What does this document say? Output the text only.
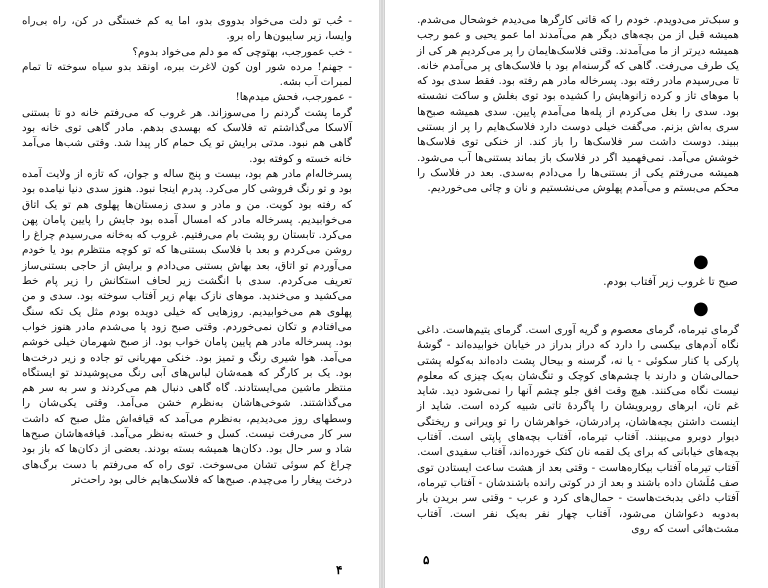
- حُب تو دلت می‌خواد بدووی بدو، اما یه کم خستگی در کن، راه بی‌راه وایسا، زیر سایبون‌ها راه برو.

- خب عمورجب، بهتوچی که مو دلم می‌خواد بدوم؟

- جهنم‌! مرده شور اون کون لاغرت ببره، اونقد بدو سیاه سوخته تا تمام لمبرات آب بشه.

- عمورجب، فحش میدم‌ها!

گرما پشت گردنم را می‌سوزاند. هر غروب که می‌رفتم خانه دو تا بستنی آلاسکا می‌گذاشتم ته فلاسک که بهسدی بدهم. مادر گاهی توی خانه بود گاهی هم نبود. مدتی برایش تو یک حمام کار پیدا شد. وقتی شب‌ها می‌آمد خانه خسته و کوفته بود.

پسرخاله‌ام مادر هم بود، بیست و پنج ساله و جوان، که تازه از ولایت آمده بود و تو رنگ فروشی کار می‌کرد. پدرم اینجا نبود. هنوز سدی دنیا نیامده بود که رفته بود کویت. من و مادر و سدی زمستان‌ها پهلوی هم تو یک اتاق می‌خوابیدیم. پسرخاله مادر که امسال آمده بود جایش را پایین پامان پهن می‌کرد. تابستان رو پشت بام می‌رفتیم. غروب که به‌خانه می‌رسیدم چراغ را روشن می‌کردم و بعد با فلاسک بستنی‌ها که تو کوچه منتظرم بود یا خودم می‌آوردم تو اتاق، بعد بهاش بستنی می‌دادم و برایش از حاجی بستنی‌ساز تعریف می‌کردم. سدی با انگشت زیر لحاف استکانش را زیر پام خط می‌کشید و می‌خندید. موهای نازک بهام زیر آفتاب سوخته بود. سدی و من پهلوی هم می‌خوابیدیم. روزهایی که خیلی دویده بودم مثل یک تکه سنگ می‌افتادم و تکان نمی‌خوردم. وقتی صبح زود پا می‌شدم مادر هنوز خواب بود. پسرخاله مادر هم پایین پامان خواب بود. از صبح شهرمان خیلی خوشم می‌آمد. هوا شیری رنگ و تمیز بود. خنکی مهربانی تو جاده و زیر درخت‌ها بود. یک بر کارگر که همه‌شان لباس‌های آبی رنگ می‌پوشیدند تو ایستگاه منتظر ماشین می‌ایستادند. گاه گاهی دنبال هم می‌کردند و سر به سر هم می‌گذاشتند. شوخی‌هاشان به‌نظرم خشن می‌آمد. وقتی یکی‌شان را وسطهای روز می‌دیدیم، به‌نظرم می‌آمد که قیافه‌اش مثل صبح که داشت سر کار می‌رفت نیست. کسل و خسته به‌نظر می‌آمد. قیافه‌هاشان صبح‌ها شاد و سر حال بود. دکان‌ها همیشه بسته بودند. بعضی از دکان‌ها که باز بود چراغ کم سوئی تشان می‌سوخت. توی راه که می‌رفتم با دست برگ‌های درخت پیغار را می‌چیدم. صبح‌ها که فلاسک‌هایم خالی بود راحت‌تر

۴

و سبک‌تر می‌دویدم. خودم را که قاتی کارگرها می‌دیدم خوشحال می‌شدم. همیشه قبل از من بچه‌های دیگر هم می‌آمدند اما عمو یحیی و عمو رجب همیشه دیرتر از ما می‌آمدند. وقتی فلاسک‌هایمان را پر می‌کردیم هر کی از یک طرف می‌رفت. گاهی که گرسنه‌ام بود با فلاسک‌های پر می‌آمدم خانه. تا می‌رسیدم مادر رفته بود. پسرخاله مادر هم رفته بود. فقط سدی بود که با موهای تاز و کرده زانوهایش را کشیده بود توی بغلش و ساکت نشسته بود. سدی را بغل می‌کردم از پله‌ها می‌آمدم پایین. سدی همیشه صبح‌ها سری به‌اش بزنم. می‌گفت خیلی دوست دارد فلاسک‌هایم را پر از بستنی ببیند. دوست داشت سر فلاسک‌ها را باز کند. از خنکی توی فلاسک‌ها خوشش می‌آمد. نمی‌فهمید اگر در فلاسک باز بماند بستنی‌ها آب می‌شود. همیشه می‌رفتم یکی از بستنی‌ها را می‌دادم به‌سدی. بعد در فلاسک را محکم می‌بستم و می‌آمدم پهلوش می‌نشستیم و نان و چائی می‌خوردیم.

●
صبح تا غروب زیر آفتاب بودم.
●

گرمای تیرماه، گرمای معصوم و گریه آوری است. گرمای یتیم‌هاست. داغی نگاه آدم‌های بیکسی را دارد که دراز بدراز در خیابان خوابیده‌اند - گوشهٔ پارکی یا کنار سکوئی - یا نه، گرسنه و بیحال پشت داده‌اند به‌کوله پشتی حمالی‌شان و دارند با چشم‌های کوچک و تنگ‌شان به‌یک چیزی که معلوم نیست نگاه می‌کنند. هیچ وقت افق جلو چشم آنها را نمی‌شود دید. شاید غم تان، ابرهای روبرویشان را پاگردهٔ تاتی شبیه کرده است. شاید از اینست داشتن بچه‌هاشان، پرادرشان، خواهرشان را تو ویرانی و ریختگی دیوار دوبرو می‌بینند. آفتاب تیرماه، آفتاب بچه‌های پاپتی است. آفتاب بچه‌های خیابانی که برای یک لقمه نان کتک خورده‌اند، آفتاب سفیدی است. آفتاب تیرماه آفتاب بیکاره‌هاست - وقتی بعد از هشت ساعت ایستادن توی صف مُلَشان داده باشند و بعد از در کوتی رانده باشندشان - آفتاب تیرماه، آفتاب داغی بدبخت‌هاست - حمال‌های کرد و عرب - وقتی سر بریدن بار به‌دوبه دعواشان می‌شود، آفتاب چهار نفر به‌یک نفر است. آفتاب مشت‌هائی است که روی

۵
